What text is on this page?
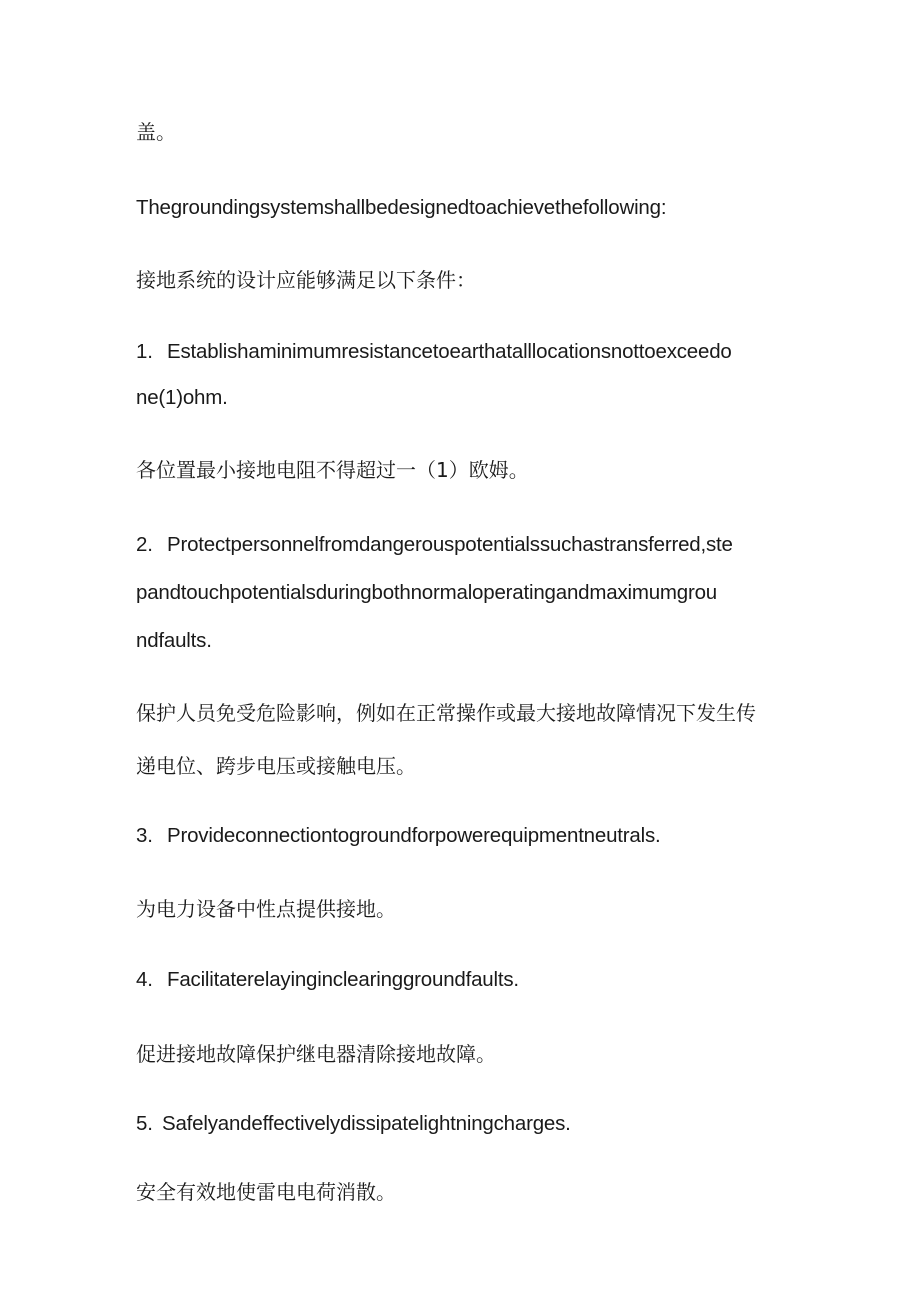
盖。

Thegroundingsystemshallbedesignedtoachievethefollowing:

接地系统的设计应能够满足以下条件：

1. Establishaminimumresistancetoearthatalllocationsnottoexceedo

ne(1)ohm.

各位置最小接地电阻不得超过一（1）欧姆。

2. Protectpersonnelfromdangerouspotentialssuchastransferred,ste

pandtouchpotentialsduringbothnormaloperatingandmaximumgrou

ndfaults.

保护人员免受危险影响，例如在正常操作或最大接地故障情况下发生传

递电位、跨步电压或接触电压。

3. Provideconnectiontogroundforpowerequipmentneutrals.

为电力设备中性点提供接地。

4. Facilitaterelayinginclearinggroundfaults.

促进接地故障保护继电器清除接地故障。

5. Safelyandeffectivelydissipatelightningcharges.

安全有效地使雷电电荷消散。
